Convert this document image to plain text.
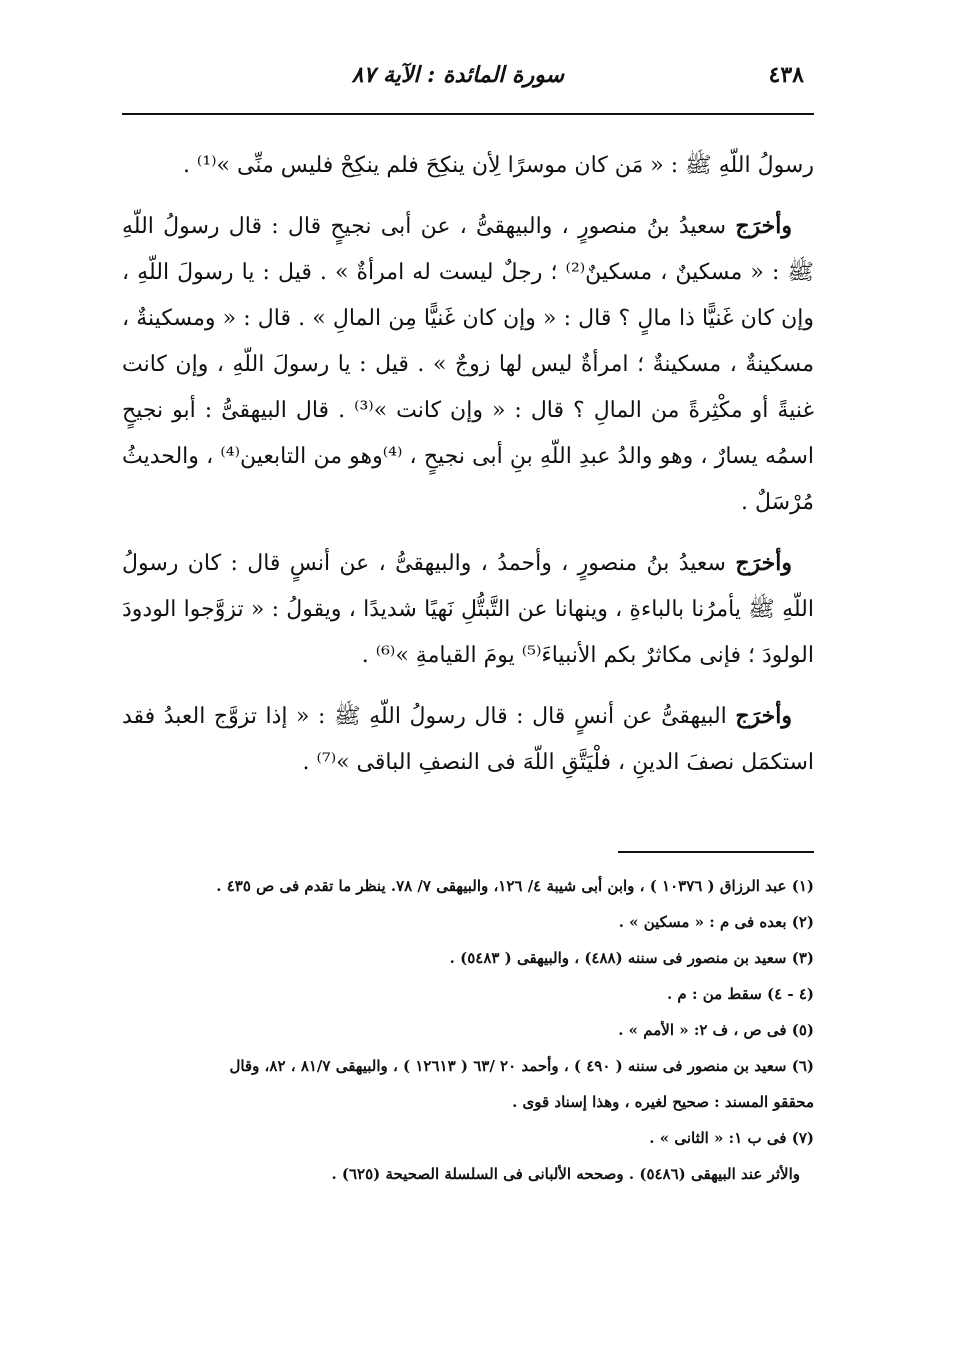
٤٣٨
سورة المائدة : الآية ٨٧

رسولُ اللّهِ ﷺ : « مَن كان موسرًا لِأن ينكِحَ فلم ينكِحْ فليس منِّى »⁽¹⁾ .

وأخرَج سعيدُ بنُ منصورٍ ، والبيهقىُّ ، عن أبى نجيحٍ قال : قال رسولُ اللّهِ ﷺ : « مسكينٌ ، مسكينٌ⁽²⁾ ؛ رجلٌ ليست له امرأةٌ » . قيل : يا رسولَ اللّهِ ، وإن كان غَنيًّا ذا مالٍ ؟ قال : « وإن كان غَنيًّا مِن المالِ » . قال : « ومسكينةٌ ، مسكينةٌ ، مسكينةٌ ؛ امرأةٌ ليس لها زوجٌ » . قيل : يا رسولَ اللّهِ ، وإن كانت غنيةً أو مكْثِرةً من المالِ ؟ قال : « وإن كانت »⁽³⁾ . قال البيهقىُّ : أبو نجيحٍ اسمُه يسارٌ ، وهو والدُ عبدِ اللّهِ بنِ أبى نجيحٍ ، ⁽⁴⁾وهو من التابعين⁽⁴⁾ ، والحديثُ مُرْسَلٌ .

وأخرَج سعيدُ بنُ منصورٍ ، وأحمدُ ، والبيهقىُّ ، عن أنسٍ قال : كان رسولُ اللّهِ ﷺ يأمرُنا بالباءةِ ، وينهانا عن التَّبتُّلِ نَهيًا شديدًا ، ويقولُ : « تزوَّجوا الودودَ الولودَ ؛ فإنى مكاثرٌ بكم الأنبياءَ⁽⁵⁾ يومَ القيامةِ »⁽⁶⁾ .

وأخرَج البيهقىُّ عن أنسٍ قال : قال رسولُ اللّهِ ﷺ : « إذا تزوَّج العبدُ فقد استكمَل نصفَ الدينِ ، فلْيَتَّقِ اللّهَ فى النصفِ الباقى »⁽⁷⁾ .

(١) عبد الرزاق ( ١٠٣٧٦ ) ، وابن أبى شيبة ٤/ ١٢٦، والبيهقى ٧/ ٧٨. ينظر ما تقدم فى ص ٤٣٥ .

(٢) بعده فى م : « مسكين » .

(٣) سعيد بن منصور فى سننه (٤٨٨) ، والبيهقى ( ٥٤٨٣) .

(٤ - ٤) سقط من : م .

(٥) فى ص ، ف ٢: « الأمم » .

(٦) سعيد بن منصور فى سننه ( ٤٩٠ ) ، وأحمد ٢٠ /٦٣ ( ١٢٦١٣ ) ، والبيهقى ٨١/٧ ، ٨٢، وقال

محققو المسند : صحيح لغيره ، وهذا إسناد قوى .

(٧) فى ب ١: « الثانى » .

والأثر عند البيهقى (٥٤٨٦) . وصححه الألبانى فى السلسلة الصحيحة (٦٢٥) .
